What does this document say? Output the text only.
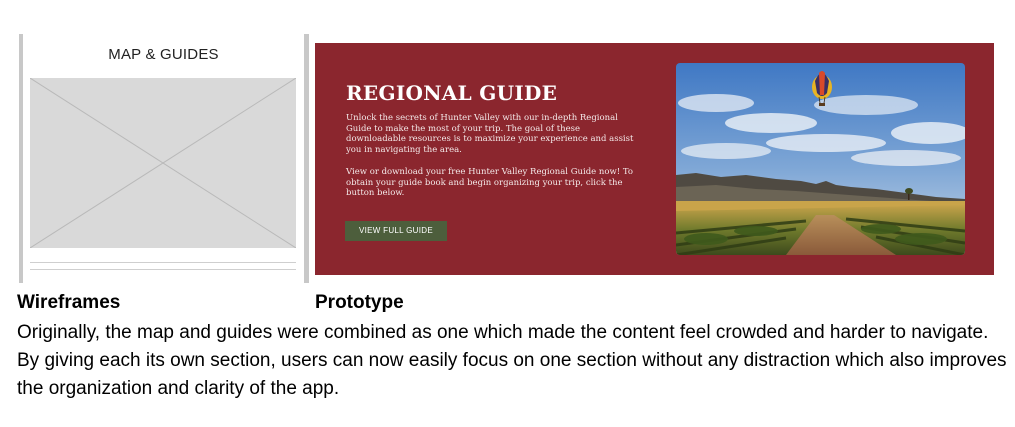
MAP & GUIDES
REGIONAL GUIDE
Unlock the secrets of Hunter Valley with our in-depth Regional Guide to make the most of your trip. The goal of these downloadable resources is to maximize your experience and assist you in navigating the area.
View or download your free Hunter Valley Regional Guide now! To obtain your guide book and begin organizing your trip, click the button below.
VIEW FULL GUIDE
Wireframes	Prototype
Originally, the map and guides were combined as one which made the content feel crowded and harder to navigate. By giving each its own section, users can now easily focus on one section without any distraction which also improves the organization and clarity of the app.
